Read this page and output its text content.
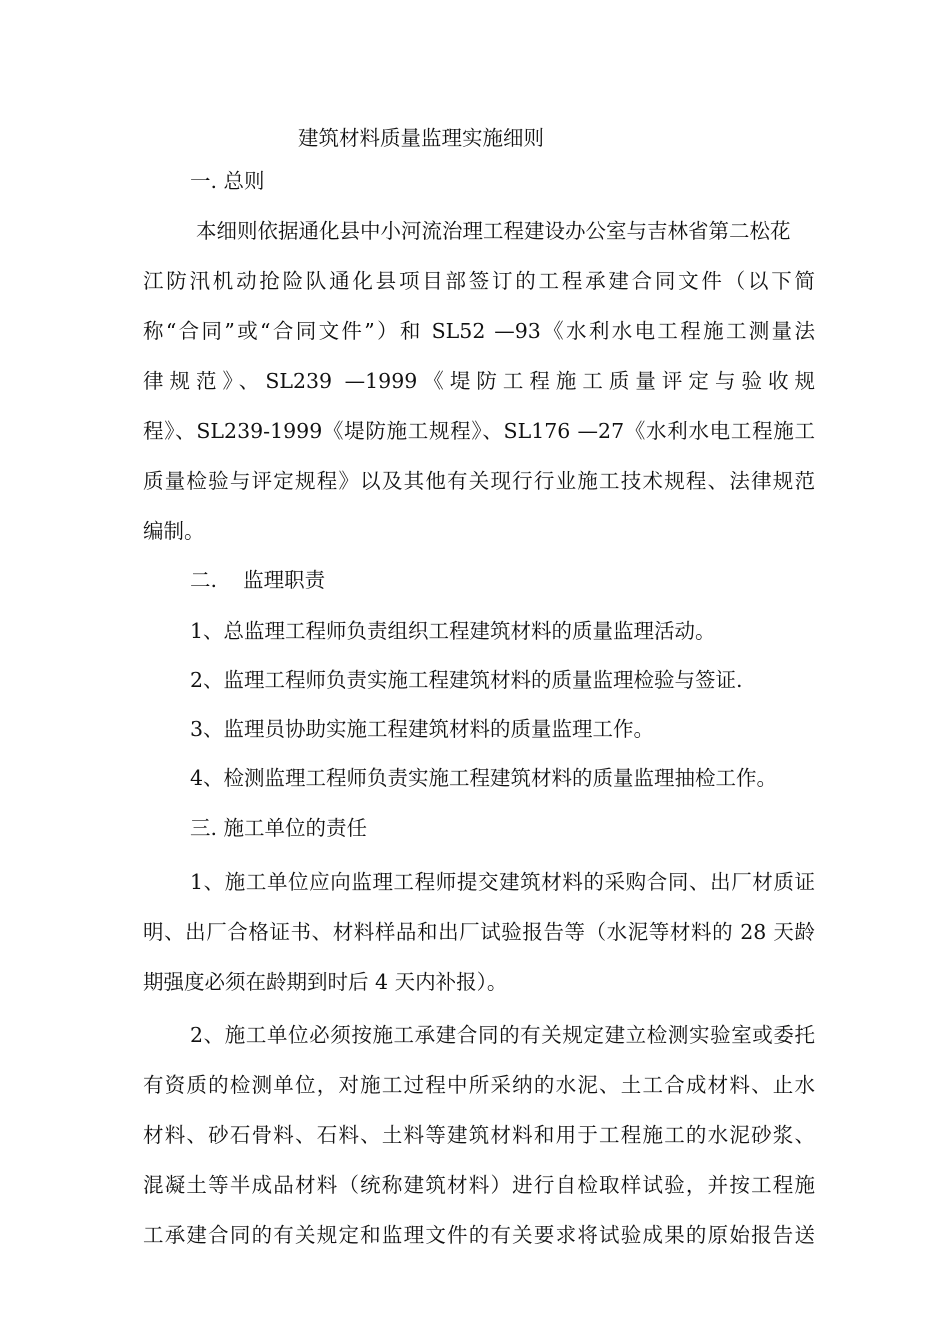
建筑材料质量监理实施细则
一. 总则
本细则依据通化县中小河流治理工程建设办公室与吉林省第二松花
江防汛机动抢险队通化县项目部签订的工程承建合同文件（以下简
称“合同”或“合同文件”）和 SL52 —93《水利水电工程施工测量法
律规范》、SL239 —1999《堤防工程施工质量评定与验收规
程》、SL239-1999《堤防施工规程》、SL176 —27《水利水电工程施工
质量检验与评定规程》以及其他有关现行行业施工技术规程、法律规范
编制。
二.    监理职责
1、总监理工程师负责组织工程建筑材料的质量监理活动。
2、监理工程师负责实施工程建筑材料的质量监理检验与签证.
3、监理员协助实施工程建筑材料的质量监理工作。
4、检测监理工程师负责实施工程建筑材料的质量监理抽检工作。
三. 施工单位的责任
1、施工单位应向监理工程师提交建筑材料的采购合同、出厂材质证
明、出厂合格证书、材料样品和出厂试验报告等（水泥等材料的 28 天龄
期强度必须在龄期到时后 4 天内补报）。
2、施工单位必须按施工承建合同的有关规定建立检测实验室或委托
有资质的检测单位，对施工过程中所采纳的水泥、土工合成材料、止水
材料、砂石骨料、石料、土料等建筑材料和用于工程施工的水泥砂浆、
混凝土等半成品材料（统称建筑材料）进行自检取样试验，并按工程施
工承建合同的有关规定和监理文件的有关要求将试验成果的原始报告送
